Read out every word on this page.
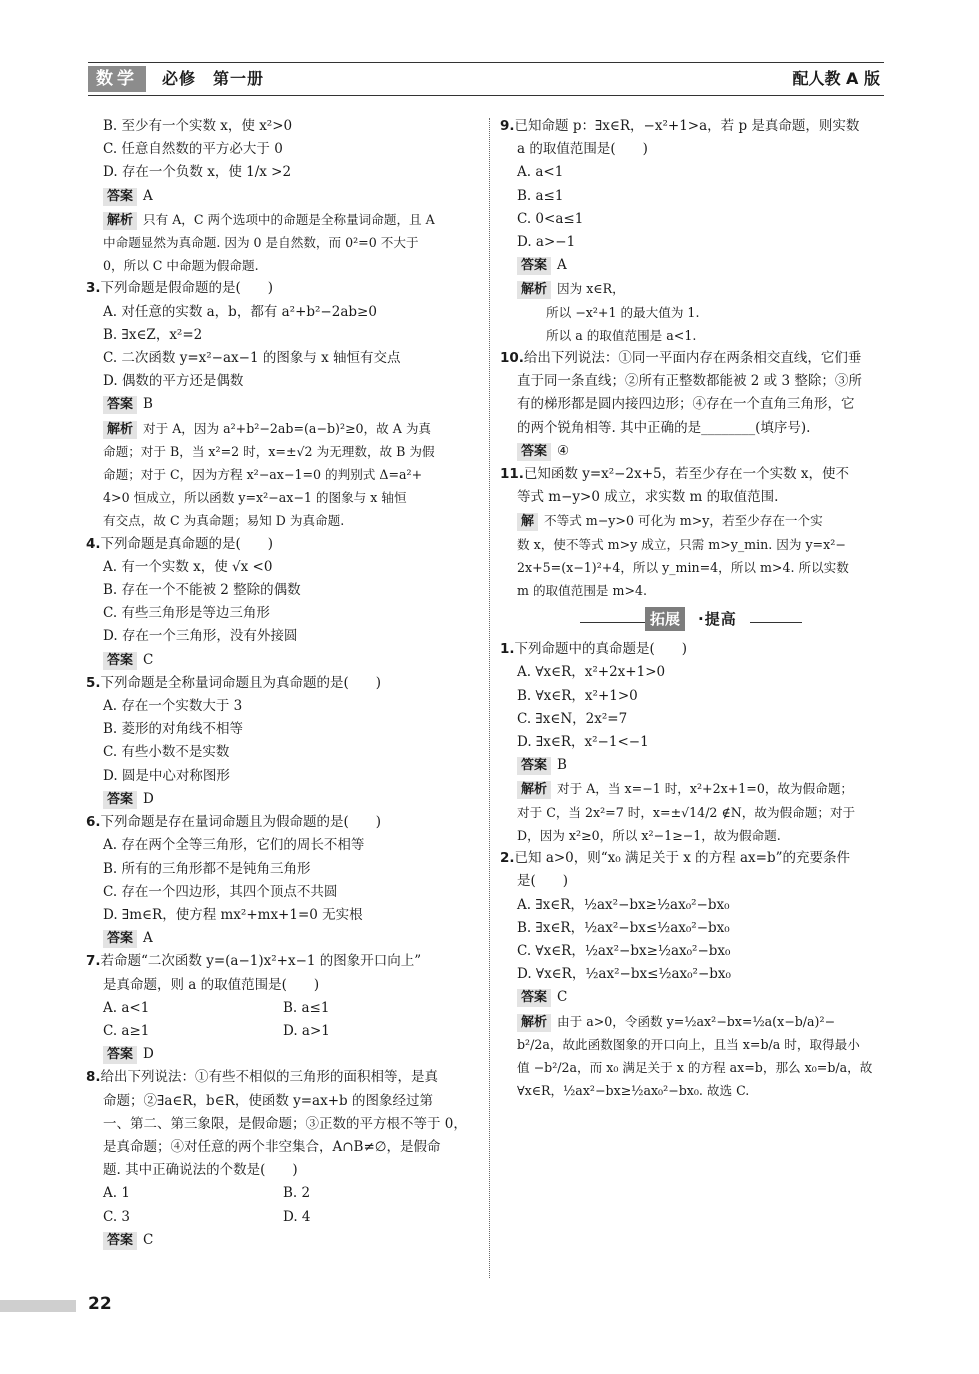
数学	必修　第一册	配人教 A 版
B. 至少有一个实数 x，使 x²>0
C. 任意自然数的平方必大于 0
D. 存在一个负数 x，使 1/x >2
答案 A
解析 只有 A，C 两个选项中的命题是全称量词命题，且 A
中命题显然为真命题. 因为 0 是自然数，而 0²=0 不大于
0，所以 C 中命题为假命题.
3.下列命题是假命题的是(　　)
A. 对任意的实数 a，b，都有 a²+b²−2ab≥0
B. ∃x∈Z，x²=2
C. 二次函数 y=x²−ax−1 的图象与 x 轴恒有交点
D. 偶数的平方还是偶数
答案 B
解析 对于 A，因为 a²+b²−2ab=(a−b)²≥0，故 A 为真
命题；对于 B，当 x²=2 时，x=±√2 为无理数，故 B 为假
命题；对于 C，因为方程 x²−ax−1=0 的判别式 Δ=a²+
4>0 恒成立，所以函数 y=x²−ax−1 的图象与 x 轴恒
有交点，故 C 为真命题；易知 D 为真命题.
4.下列命题是真命题的是(　　)
A. 有一个实数 x，使 √x <0
B. 存在一个不能被 2 整除的偶数
C. 有些三角形是等边三角形
D. 存在一个三角形，没有外接圆
答案 C
5.下列命题是全称量词命题且为真命题的是(　　)
A. 存在一个实数大于 3
B. 菱形的对角线不相等
C. 有些小数不是实数
D. 圆是中心对称图形
答案 D
6.下列命题是存在量词命题且为假命题的是(　　)
A. 存在两个全等三角形，它们的周长不相等
B. 所有的三角形都不是钝角三角形
C. 存在一个四边形，其四个顶点不共圆
D. ∃m∈R，使方程 mx²+mx+1=0 无实根
答案 A
7.若命题“二次函数 y=(a−1)x²+x−1 的图象开口向上”
是真命题，则 a 的取值范围是(　　)
A. a<1	B. a≤1
C. a≥1	D. a>1
答案 D
8.给出下列说法：①有些不相似的三角形的面积相等，是真
命题；②∃a∈R，b∈R，使函数 y=ax+b 的图象经过第
一、第二、第三象限，是假命题；③正数的平方根不等于 0，
是真命题；④对任意的两个非空集合，A∩B≠∅，是假命
题. 其中正确说法的个数是(　　)
A. 1	B. 2
C. 3	D. 4
答案 C
9.已知命题 p：∃x∈R，−x²+1>a，若 p 是真命题，则实数
a 的取值范围是(　　)
A. a<1
B. a≤1
C. 0<a≤1
D. a>−1
答案 A
解析 因为 x∈R，
所以 −x²+1 的最大值为 1.
所以 a 的取值范围是 a<1.
10.给出下列说法：①同一平面内存在两条相交直线，它们垂
直于同一条直线；②所有正整数都能被 2 或 3 整除；③所
有的梯形都是圆内接四边形；④存在一个直角三角形，它
的两个锐角相等. 其中正确的是________(填序号).
答案 ④
11.已知函数 y=x²−2x+5，若至少存在一个实数 x，使不
等式 m−y>0 成立，求实数 m 的取值范围.
解 不等式 m−y>0 可化为 m>y，若至少存在一个实
数 x，使不等式 m>y 成立，只需 m>y_min. 因为 y=x²−
2x+5=(x−1)²+4，所以 y_min=4，所以 m>4. 所以实数
m 的取值范围是 m>4.
拓展	·提高
1.下列命题中的真命题是(　　)
A. ∀x∈R，x²+2x+1>0
B. ∀x∈R，x²+1>0
C. ∃x∈N，2x²=7
D. ∃x∈R，x²−1<−1
答案 B
解析 对于 A，当 x=−1 时，x²+2x+1=0，故为假命题；
对于 C，当 2x²=7 时，x=±√14/2 ∉N，故为假命题；对于
D，因为 x²≥0，所以 x²−1≥−1，故为假命题.
2.已知 a>0，则“x₀ 满足关于 x 的方程 ax=b”的充要条件
是(　　)
A. ∃x∈R，½ax²−bx≥½ax₀²−bx₀
B. ∃x∈R，½ax²−bx≤½ax₀²−bx₀
C. ∀x∈R，½ax²−bx≥½ax₀²−bx₀
D. ∀x∈R，½ax²−bx≤½ax₀²−bx₀
答案 C
解析 由于 a>0，令函数 y=½ax²−bx=½a(x−b/a)²−
b²/2a，故此函数图象的开口向上，且当 x=b/a 时，取得最小
值 −b²/2a，而 x₀ 满足关于 x 的方程 ax=b，那么 x₀=b/a，故
∀x∈R，½ax²−bx≥½ax₀²−bx₀. 故选 C.
22
